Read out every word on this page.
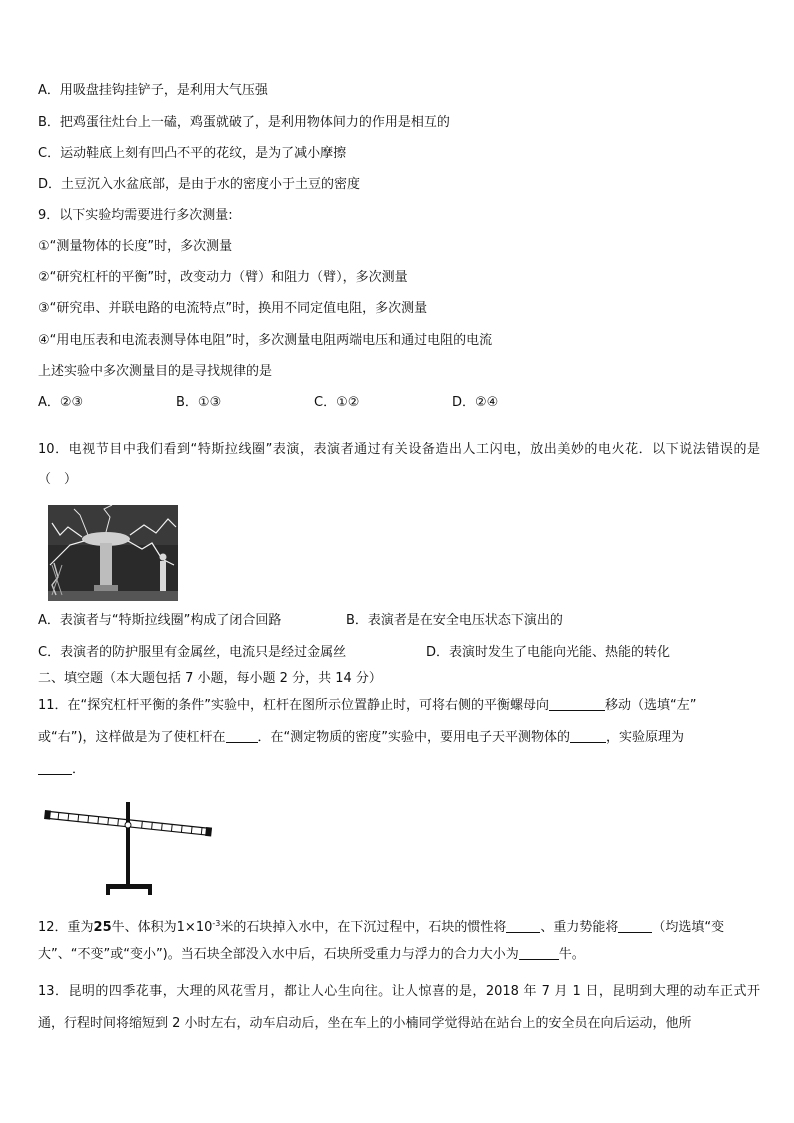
A．用吸盘挂钩挂铲子，是利用大气压强
B．把鸡蛋往灶台上一磕，鸡蛋就破了，是利用物体间力的作用是相互的
C．运动鞋底上刻有凹凸不平的花纹，是为了减小摩擦
D．土豆沉入水盆底部，是由于水的密度小于土豆的密度
9．以下实验均需要进行多次测量:
①“测量物体的长度”时，多次测量
②“研究杠杆的平衡”时，改变动力（臂）和阻力（臂），多次测量
③“研究串、并联电路的电流特点”时，换用不同定值电阻，多次测量
④“用电压表和电流表测导体电阻”时，多次测量电阻两端电压和通过电阻的电流
上述实验中多次测量目的是寻找规律的是
A．②③	B．①③	C．①②	D．②④
10．电视节目中我们看到“特斯拉线圈”表演，表演者通过有关设备造出人工闪电，放出美妙的电火花．以下说法错误的是（　）
A．表演者与“特斯拉线圈”构成了闭合回路	B．表演者是在安全电压状态下演出的
C．表演者的防护服里有金属丝，电流只是经过金属丝	D．表演时发生了电能向光能、热能的转化
二、填空题（本大题包括 7 小题，每小题 2 分，共 14 分）
11．在“探究杠杆平衡的条件”实验中，杠杆在图所示位置静止时，可将右侧的平衡螺母向	移动（选填“左”
或“右”)，这样做是为了使杠杆在 ．在“测定物质的密度”实验中，要用电子天平测物体的	，实验原理为
．
12．重为25牛、体积为$1\times 10^{-3}$米的石块掉入水中，在下沉过程中，石块的惯性将	、重力势能将	（均选填“变
大”、“不变”或“变小”)。当石块全部没入水中后，石块所受重力与浮力的合力大小为	牛。
13．昆明的四季花事，大理的风花雪月，都让人心生向往。让人惊喜的是，2018 年 7 月 1 日，昆明到大理的动车正式开通，行程时间将缩短到 2 小时左右，动车启动后，坐在车上的小楠同学觉得站在站台上的安全员在向后运动，他所
